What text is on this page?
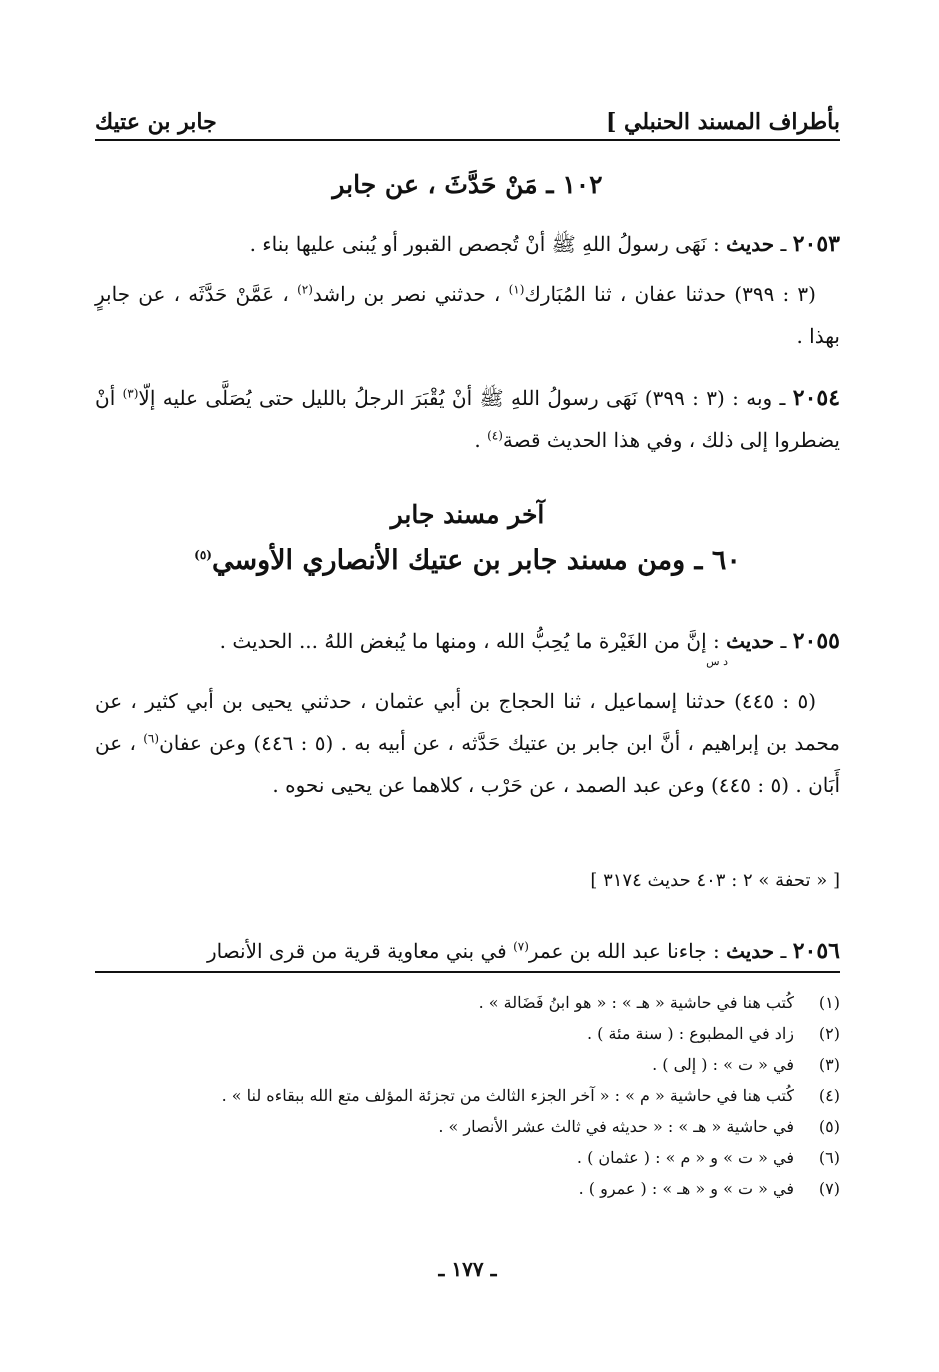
بأطراف المسند الحنبلي ]
جابر بن عتيك
١٠٢ ـ مَنْ حَدَّثَ ، عن جابر
٢٠٥٣ ـ حديث : نَهَى رسولُ اللهِ ﷺ أنْ تُجصص القبور أو يُبنى عليها بناء .
(٣ : ٣٩٩) حدثنا عفان ، ثنا المُبَارك$^{(١)}$ ، حدثني نصر بن راشد$^{(٢)}$ ، عَمَّنْ حَدَّثَه ، عن جابرٍ بهذا .
٢٠٥٤ ـ وبه : (٣ : ٣٩٩) نَهَى رسولُ اللهِ ﷺ أنْ يُقْبَرَ الرجلُ بالليل حتى يُصَلَّى عليه إلّا$^{(٣)}$ أنْ يضطروا إلى ذلك ، وفي هذا الحديث قصة$^{(٤)}$ .
آخر مسند جابر
٦٠ ـ ومن مسند جابر بن عتيك الأنصاري الأوسي$^{(٥)}$
٢٠٥٥ ـ حديث : إنَّ من الغَيْرة ما يُحِبُّ الله ، ومنها ما يُبغض اللهُ ... الحديث .
د س
(٥ : ٤٤٥) حدثنا إسماعيل ، ثنا الحجاج بن أبي عثمان ، حدثني يحيى بن أبي كثير ، عن محمد بن إبراهيم ، أنَّ ابن جابر بن عتيك حَدَّثه ، عن أبيه به . (٥ : ٤٤٦) وعن عفان$^{(٦)}$ ، عن أَبَان . (٥ : ٤٤٥) وعن عبد الصمد ، عن حَرْب ، كلاهما عن يحيى نحوه .
[ « تحفة » ٢ : ٤٠٣ حديث ٣١٧٤ ]
٢٠٥٦ ـ حديث : جاءنا عبد الله بن عمر$^{(٧)}$ في بني معاوية قرية من قرى الأنصار
(١)
كُتب هنا في حاشية « هـ » : « هو ابنُ فَضَالة » .
(٢)
زاد في المطبوع : ( سنة مئة ) .
(٣)
في « ت » : ( إلى ) .
(٤)
كُتب هنا في حاشية « م » : « آخر الجزء الثالث من تجزئة المؤلف متع الله ببقاءه لنا » .
(٥)
في حاشية « هـ » : « حديثه في ثالث عشر الأنصار » .
(٦)
في « ت » و « م » : ( عثمان ) .
(٧)
في « ت » و « هـ » : ( عمرو ) .
ـ ١٧٧ ـ
